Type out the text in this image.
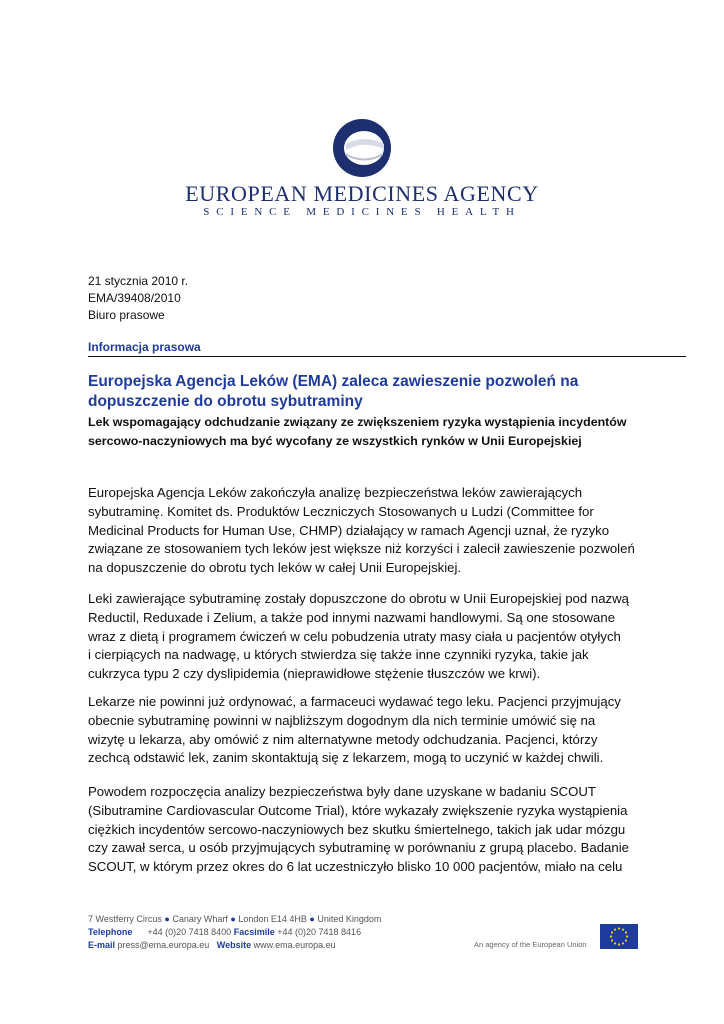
EUROPEAN MEDICINES AGENCY
SCIENCE MEDICINES HEALTH
21 stycznia 2010 r.
EMA/39408/2010
Biuro prasowe
Informacja prasowa
Europejska Agencja Leków (EMA) zaleca zawieszenie pozwoleń na
dopuszczenie do obrotu sybutraminy
Lek wspomagający odchudzanie związany ze zwiększeniem ryzyka wystąpienia incydentów
sercowo-naczyniowych ma być wycofany ze wszystkich rynków w Unii Europejskiej
Europejska Agencja Leków zakończyła analizę bezpieczeństwa leków zawierających
sybutraminę. Komitet ds. Produktów Leczniczych Stosowanych u Ludzi (Committee for
Medicinal Products for Human Use, CHMP) działający w ramach Agencji uznał, że ryzyko
związane ze stosowaniem tych leków jest większe niż korzyści i zalecił zawieszenie pozwoleń
na dopuszczenie do obrotu tych leków w całej Unii Europejskiej.
Leki zawierające sybutraminę zostały dopuszczone do obrotu w Unii Europejskiej pod nazwą
Reductil, Reduxade i Zelium, a także pod innymi nazwami handlowymi. Są one stosowane
wraz z dietą i programem ćwiczeń w celu pobudzenia utraty masy ciała u pacjentów otyłych
i cierpiących na nadwagę, u których stwierdza się także inne czynniki ryzyka, takie jak
cukrzyca typu 2 czy dyslipidemia (nieprawidłowe stężenie tłuszczów we krwi).
Lekarze nie powinni już ordynować, a farmaceuci wydawać tego leku. Pacjenci przyjmujący
obecnie sybutraminę powinni w najbliższym dogodnym dla nich terminie umówić się na
wizytę u lekarza, aby omówić z nim alternatywne metody odchudzania. Pacjenci, którzy
zechcą odstawić lek, zanim skontaktują się z lekarzem, mogą to uczynić w każdej chwili.
Powodem rozpoczęcia analizy bezpieczeństwa były dane uzyskane w badaniu SCOUT
(Sibutramine Cardiovascular Outcome Trial), które wykazały zwiększenie ryzyka wystąpienia
ciężkich incydentów sercowo-naczyniowych bez skutku śmiertelnego, takich jak udar mózgu
czy zawał serca, u osób przyjmujących sybutraminę w porównaniu z grupą placebo. Badanie
SCOUT, w którym przez okres do 6 lat uczestniczyło blisko 10 000 pacjentów, miało na celu
7 Westferry Circus ● Canary Wharf ● London E14 4HB ● United Kingdom
Telephone +44 (0)20 7418 8400 Facsimile +44 (0)20 7418 8416
E-mail press@ema.europa.eu Website www.ema.europa.eu	An agency of the European Union
